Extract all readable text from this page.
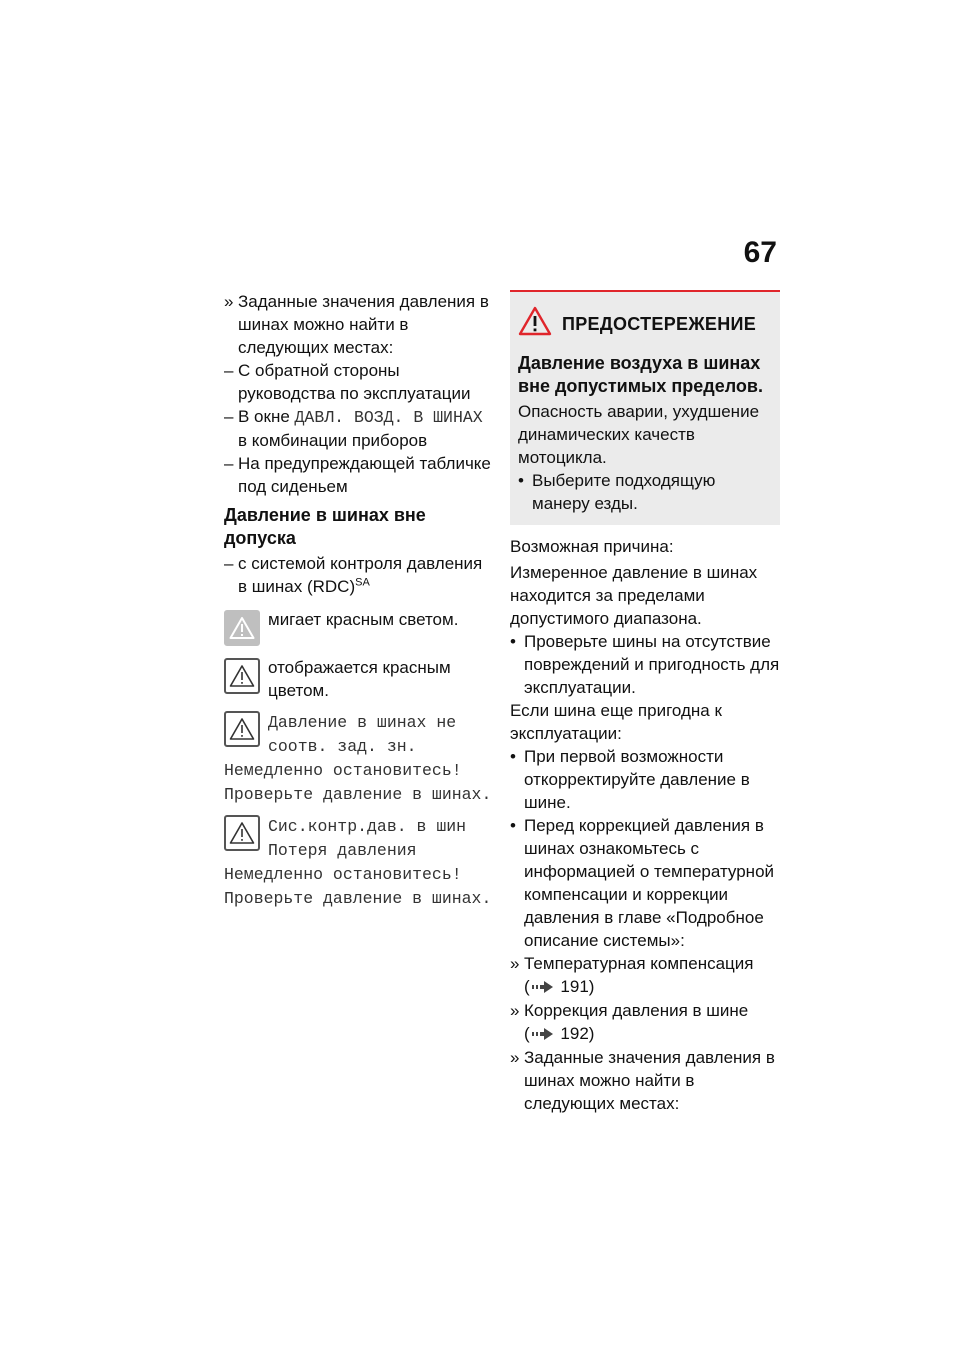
67
» Заданные значения давления в шинах можно найти в следующих местах:
– С обратной стороны руководства по эксплуатации
– В окне ДАВЛ. ВОЗД. В ШИНАХ в комбинации приборов
– На предупреждающей табличке под сиденьем
Давление в шинах вне допуска
– с системой контроля давления в шинах (RDC)$^{SA}$
мигает красным светом.
отображается красным цветом.
Давление в шинах не соотв. зад. зн. Немедленно остановитесь! Проверьте давление в шинах.
Сис.контр.дав. в шин Потеря давления Немедленно остановитесь! Проверьте давление в шинах.
ПРЕДОСТЕРЕЖЕНИЕ
Давление воздуха в шинах вне допустимых пределов.
Опасность аварии, ухудшение динамических качеств мотоцикла.
• Выберите подходящую манеру езды.

Возможная причина:

Измеренное давление в шинах находится за пределами допустимого диапазона.

• Проверьте шины на отсутствие повреждений и пригодность для эксплуатации.

Если шина еще пригодна к эксплуатации:

• При первой возможности откорректируйте давление в шине.
• Перед коррекцией давления в шинах ознакомьтесь с информацией о температурной компенсации и коррекции давления в главе «Подробное описание системы»:
» Температурная компенсация
( 191)
» Коррекция давления в шине
( 192)
» Заданные значения давления в шинах можно найти в следующих местах:
